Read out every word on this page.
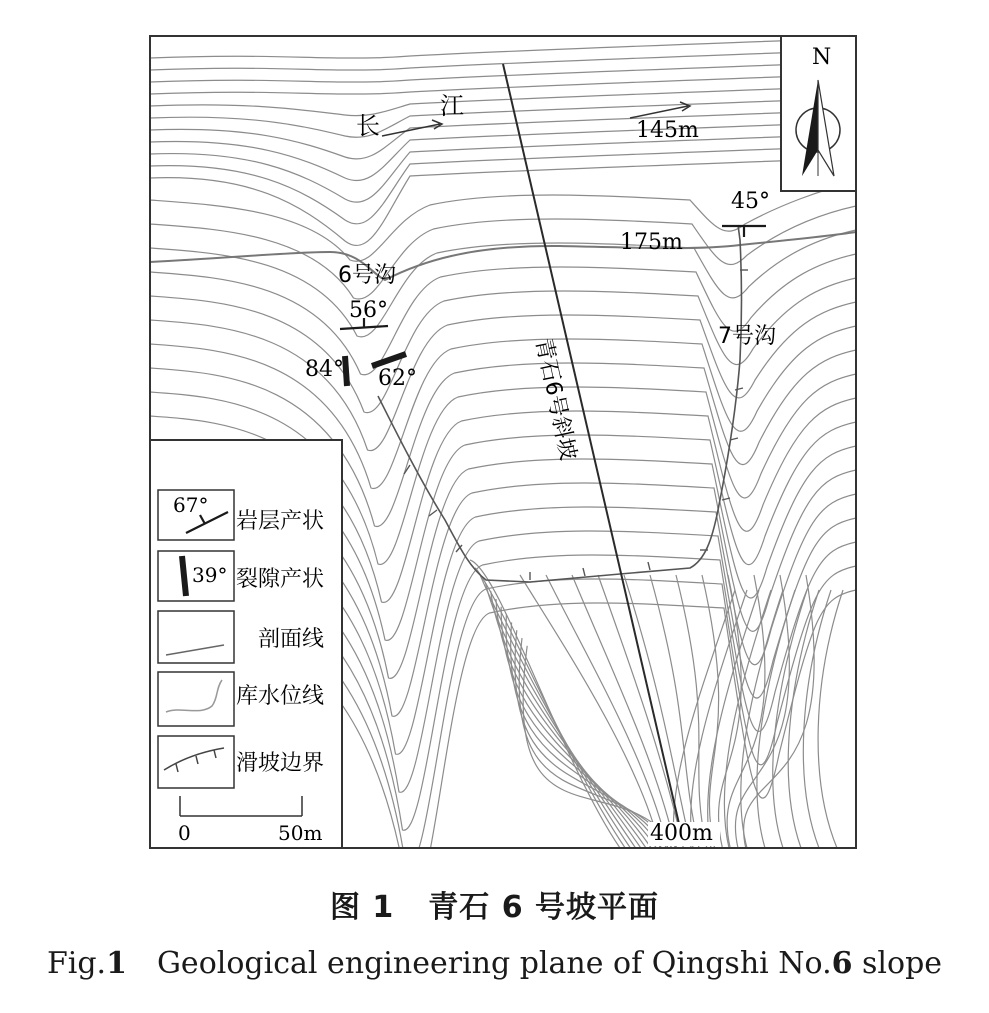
长
江
145m
175m
400m
6号沟
7号沟
青石6号斜坡
45°
56°
84° 62°
N
67°
岩层产状
39° 裂隙产状
剖面线
库水位线
滑坡边界
0	50m
图 1 青石 6 号坡平面
Fig.1 Geological engineering plane of Qingshi No.6 slope
